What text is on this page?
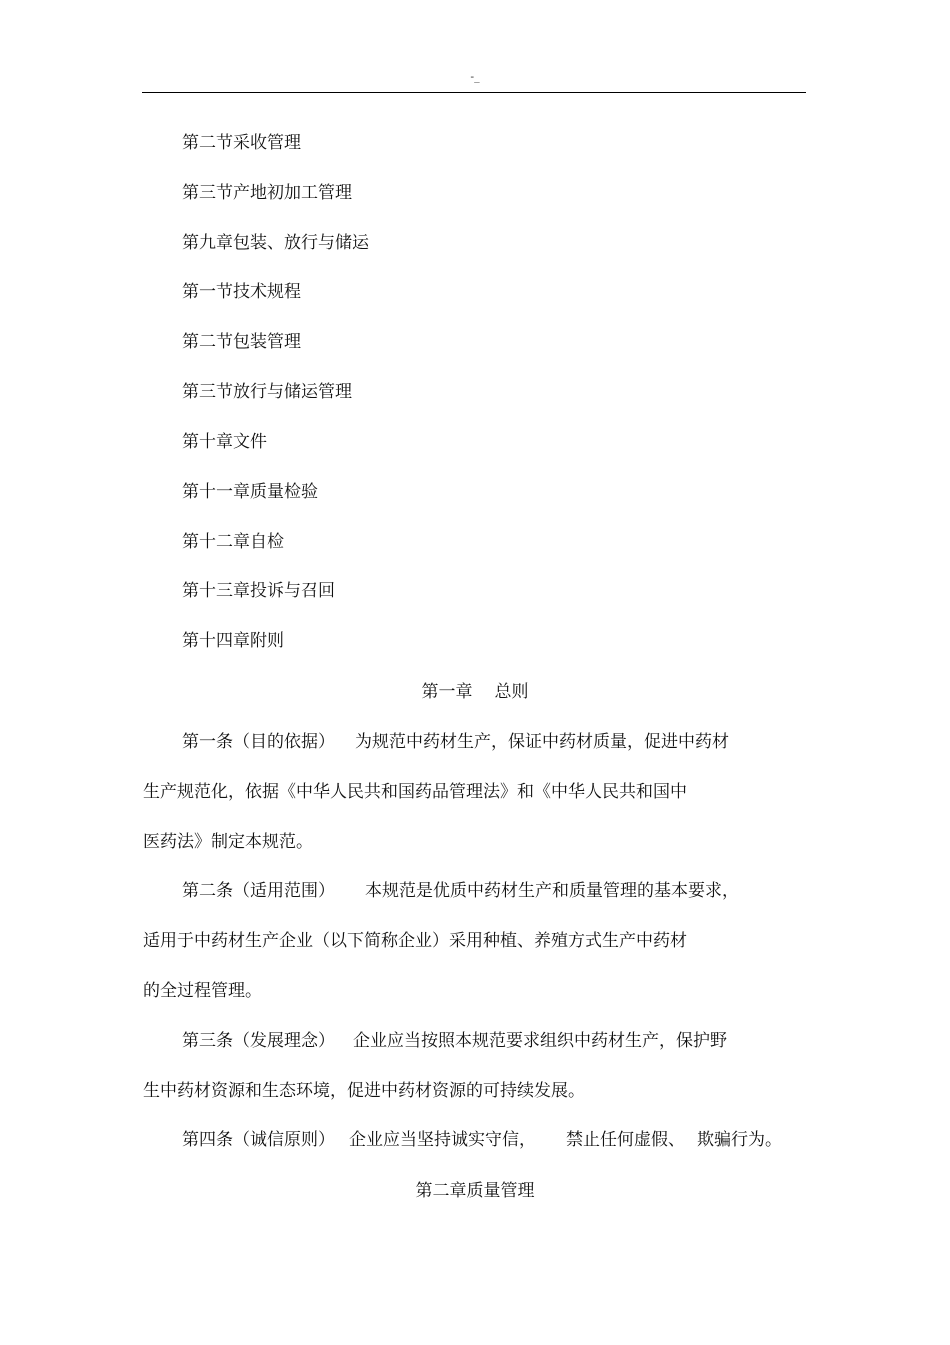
-_
第二节采收管理
第三节产地初加工管理
第九章包装、放行与储运
第一节技术规程
第二节包装管理
第三节放行与储运管理
第十章文件
第十一章质量检验
第十二章自检
第十三章投诉与召回
第十四章附则
第一章 总则
第一条（目的依据） 为规范中药材生产，保证中药材质量，促进中药材
生产规范化，依据《中华人民共和国药品管理法》和《中华人民共和国中
医药法》制定本规范。
第二条（适用范围） 本规范是优质中药材生产和质量管理的基本要求，
适用于中药材生产企业（以下简称企业）采用种植、养殖方式生产中药材
的全过程管理。
第三条（发展理念） 企业应当按照本规范要求组织中药材生产，保护野
生中药材资源和生态环境，促进中药材资源的可持续发展。
第四条（诚信原则） 企业应当坚持诚实守信， 禁止任何虚假、 欺骗行为。
第二章质量管理
